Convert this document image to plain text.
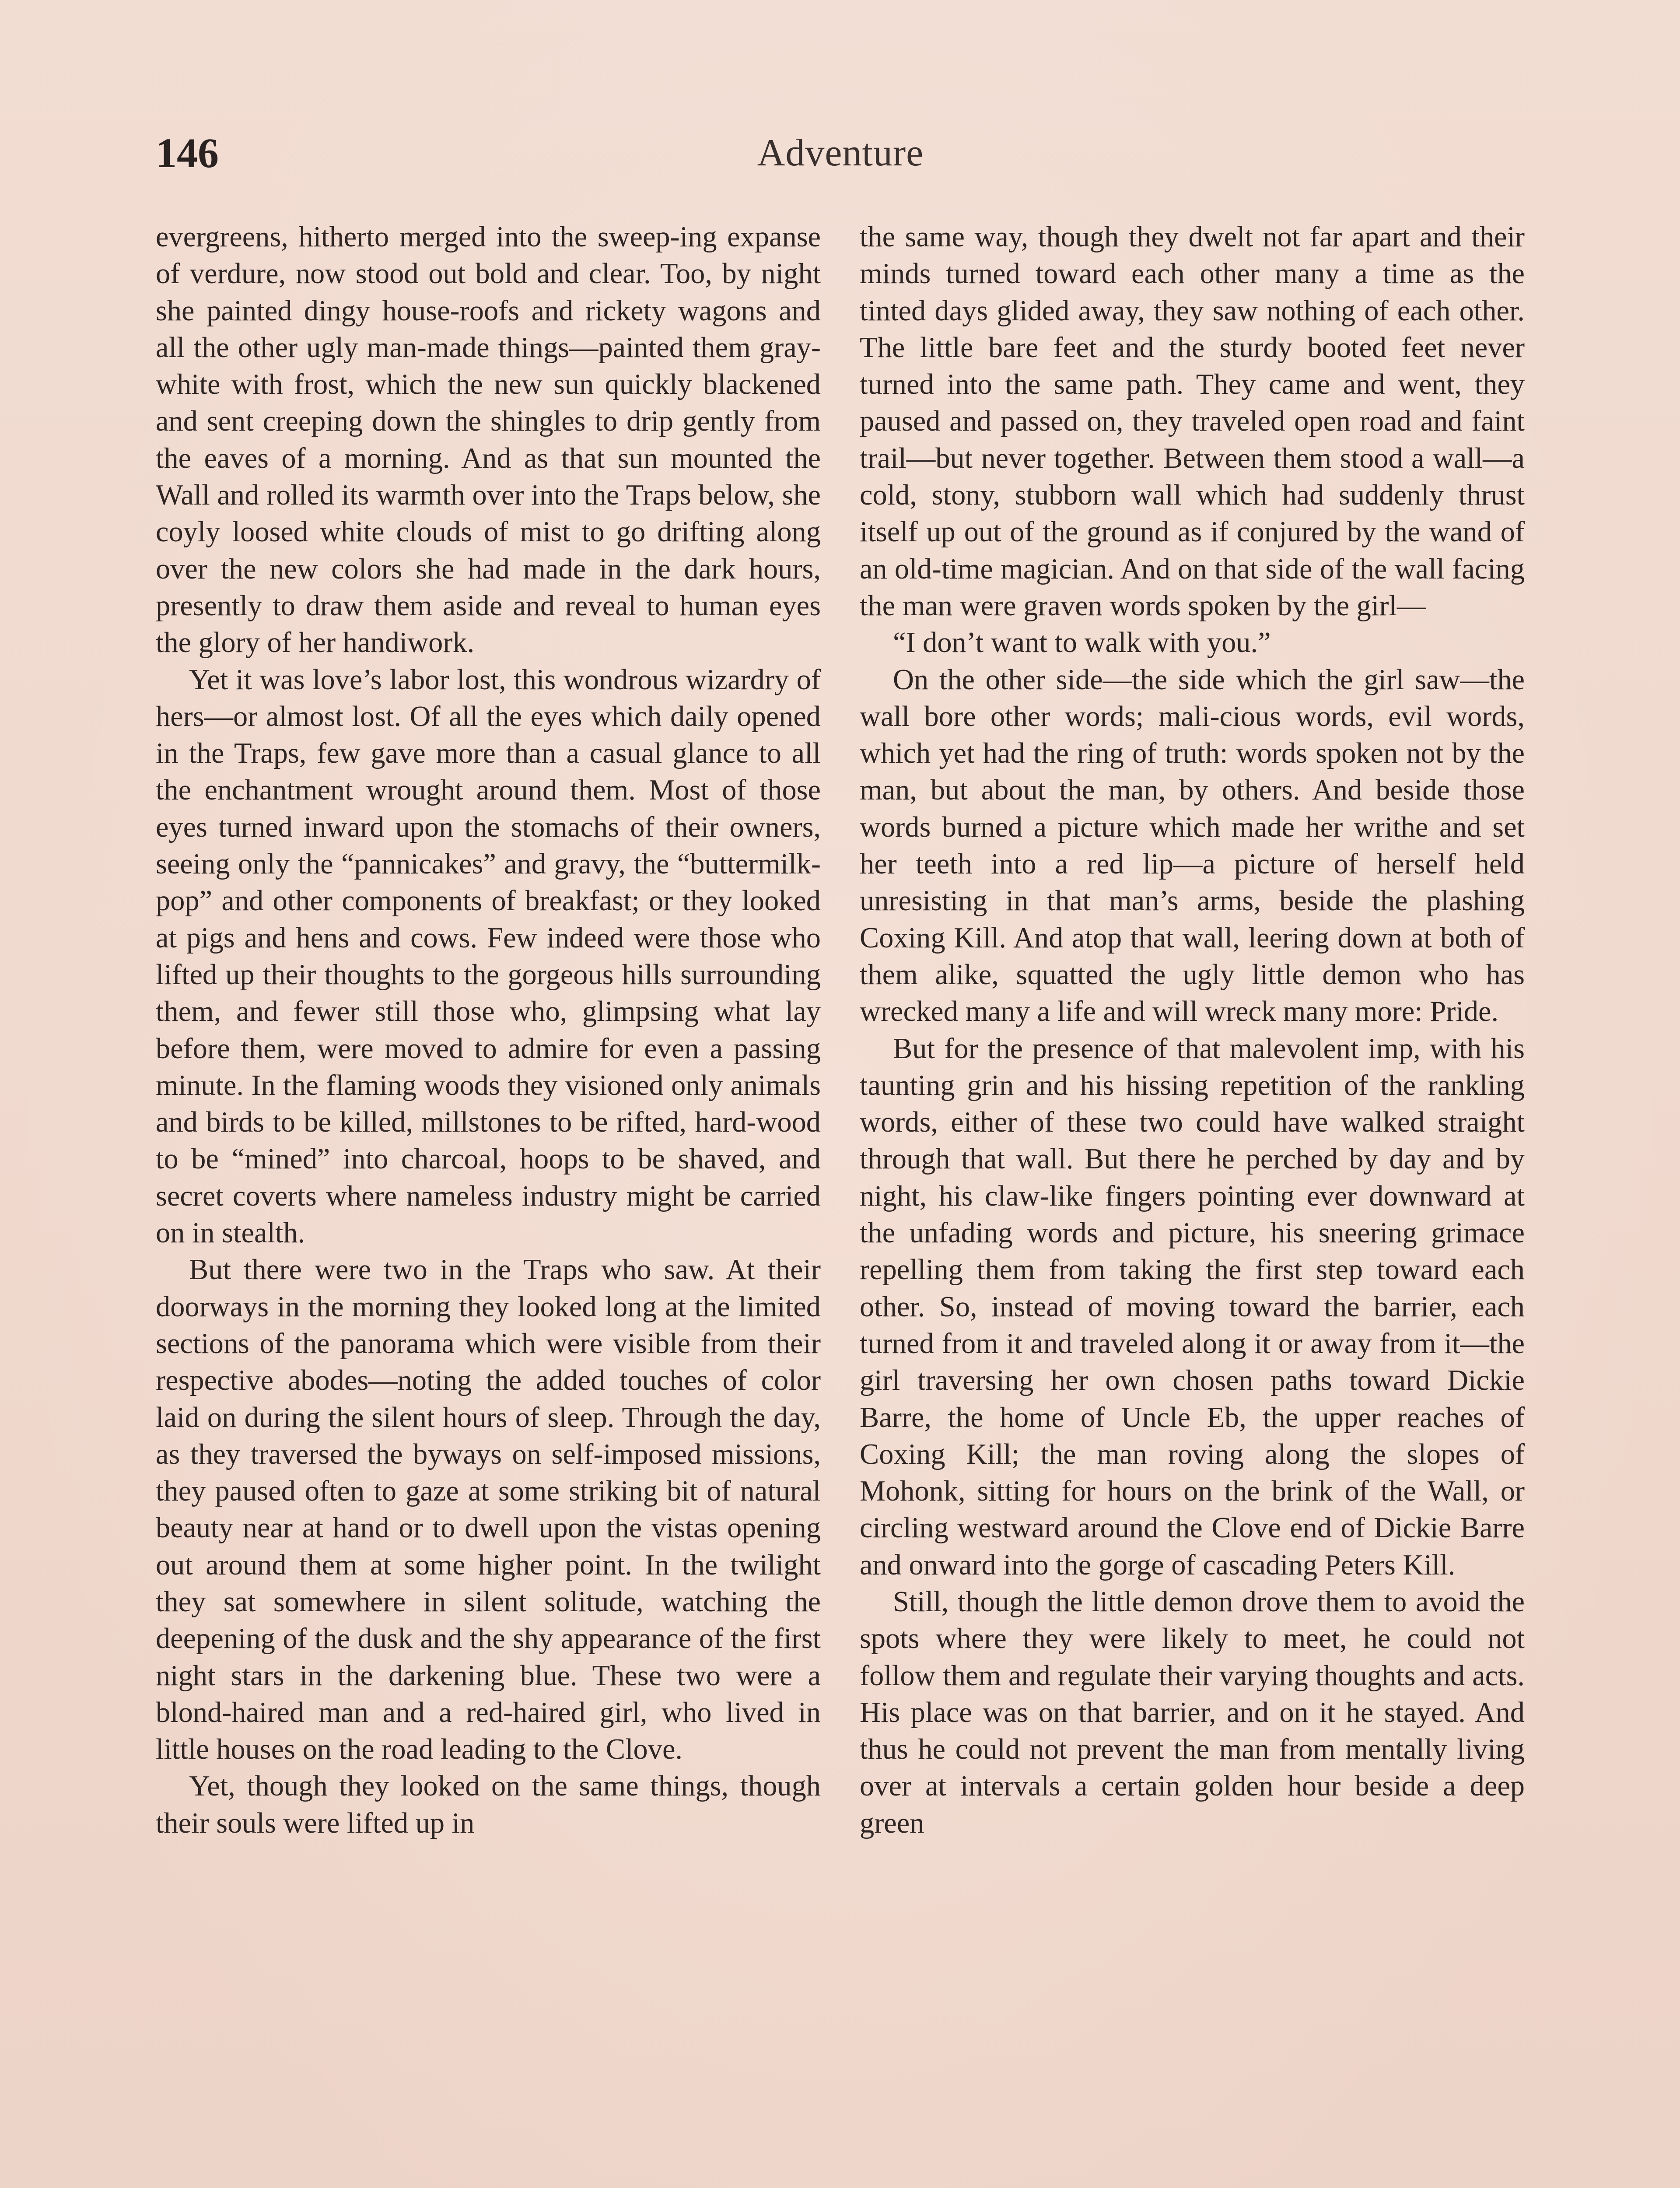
146	Adventure

evergreens, hitherto merged into the sweep-ing expanse of verdure, now stood out bold and clear. Too, by night she painted dingy house-roofs and rickety wagons and all the other ugly man-made things—painted them gray-white with frost, which the new sun quickly blackened and sent creeping down the shingles to drip gently from the eaves of a morning. And as that sun mounted the Wall and rolled its warmth over into the Traps below, she coyly loosed white clouds of mist to go drifting along over the new colors she had made in the dark hours, presently to draw them aside and reveal to human eyes the glory of her handiwork.

Yet it was love’s labor lost, this wondrous wizardry of hers—or almost lost. Of all the eyes which daily opened in the Traps, few gave more than a casual glance to all the enchantment wrought around them. Most of those eyes turned inward upon the stomachs of their owners, seeing only the “pannicakes” and gravy, the “buttermilk-pop” and other components of breakfast; or they looked at pigs and hens and cows. Few indeed were those who lifted up their thoughts to the gorgeous hills surrounding them, and fewer still those who, glimpsing what lay before them, were moved to admire for even a passing minute. In the flaming woods they visioned only animals and birds to be killed, millstones to be rifted, hard-wood to be “mined” into charcoal, hoops to be shaved, and secret coverts where nameless industry might be carried on in stealth.

But there were two in the Traps who saw. At their doorways in the morning they looked long at the limited sections of the panorama which were visible from their respective abodes—noting the added touches of color laid on during the silent hours of sleep. Through the day, as they traversed the byways on self-imposed missions, they paused often to gaze at some striking bit of natural beauty near at hand or to dwell upon the vistas opening out around them at some higher point. In the twilight they sat somewhere in silent solitude, watching the deepening of the dusk and the shy appearance of the first night stars in the darkening blue. These two were a blond-haired man and a red-haired girl, who lived in little houses on the road leading to the Clove.

Yet, though they looked on the same things, though their souls were lifted up in

the same way, though they dwelt not far apart and their minds turned toward each other many a time as the tinted days glided away, they saw nothing of each other. The little bare feet and the sturdy booted feet never turned into the same path. They came and went, they paused and passed on, they traveled open road and faint trail—but never together. Between them stood a wall—a cold, stony, stubborn wall which had suddenly thrust itself up out of the ground as if conjured by the wand of an old-time magician. And on that side of the wall facing the man were graven words spoken by the girl—

“I don’t want to walk with you.”

On the other side—the side which the girl saw—the wall bore other words; mali-cious words, evil words, which yet had the ring of truth: words spoken not by the man, but about the man, by others. And beside those words burned a picture which made her writhe and set her teeth into a red lip—a picture of herself held unresisting in that man’s arms, beside the plashing Coxing Kill. And atop that wall, leering down at both of them alike, squatted the ugly little demon who has wrecked many a life and will wreck many more: Pride.

But for the presence of that malevolent imp, with his taunting grin and his hissing repetition of the rankling words, either of these two could have walked straight through that wall. But there he perched by day and by night, his claw-like fingers pointing ever downward at the unfading words and picture, his sneering grimace repelling them from taking the first step toward each other. So, instead of moving toward the barrier, each turned from it and traveled along it or away from it—the girl traversing her own chosen paths toward Dickie Barre, the home of Uncle Eb, the upper reaches of Coxing Kill; the man roving along the slopes of Mohonk, sitting for hours on the brink of the Wall, or circling westward around the Clove end of Dickie Barre and onward into the gorge of cascading Peters Kill.

Still, though the little demon drove them to avoid the spots where they were likely to meet, he could not follow them and regulate their varying thoughts and acts. His place was on that barrier, and on it he stayed. And thus he could not prevent the man from mentally living over at intervals a certain golden hour beside a deep green
